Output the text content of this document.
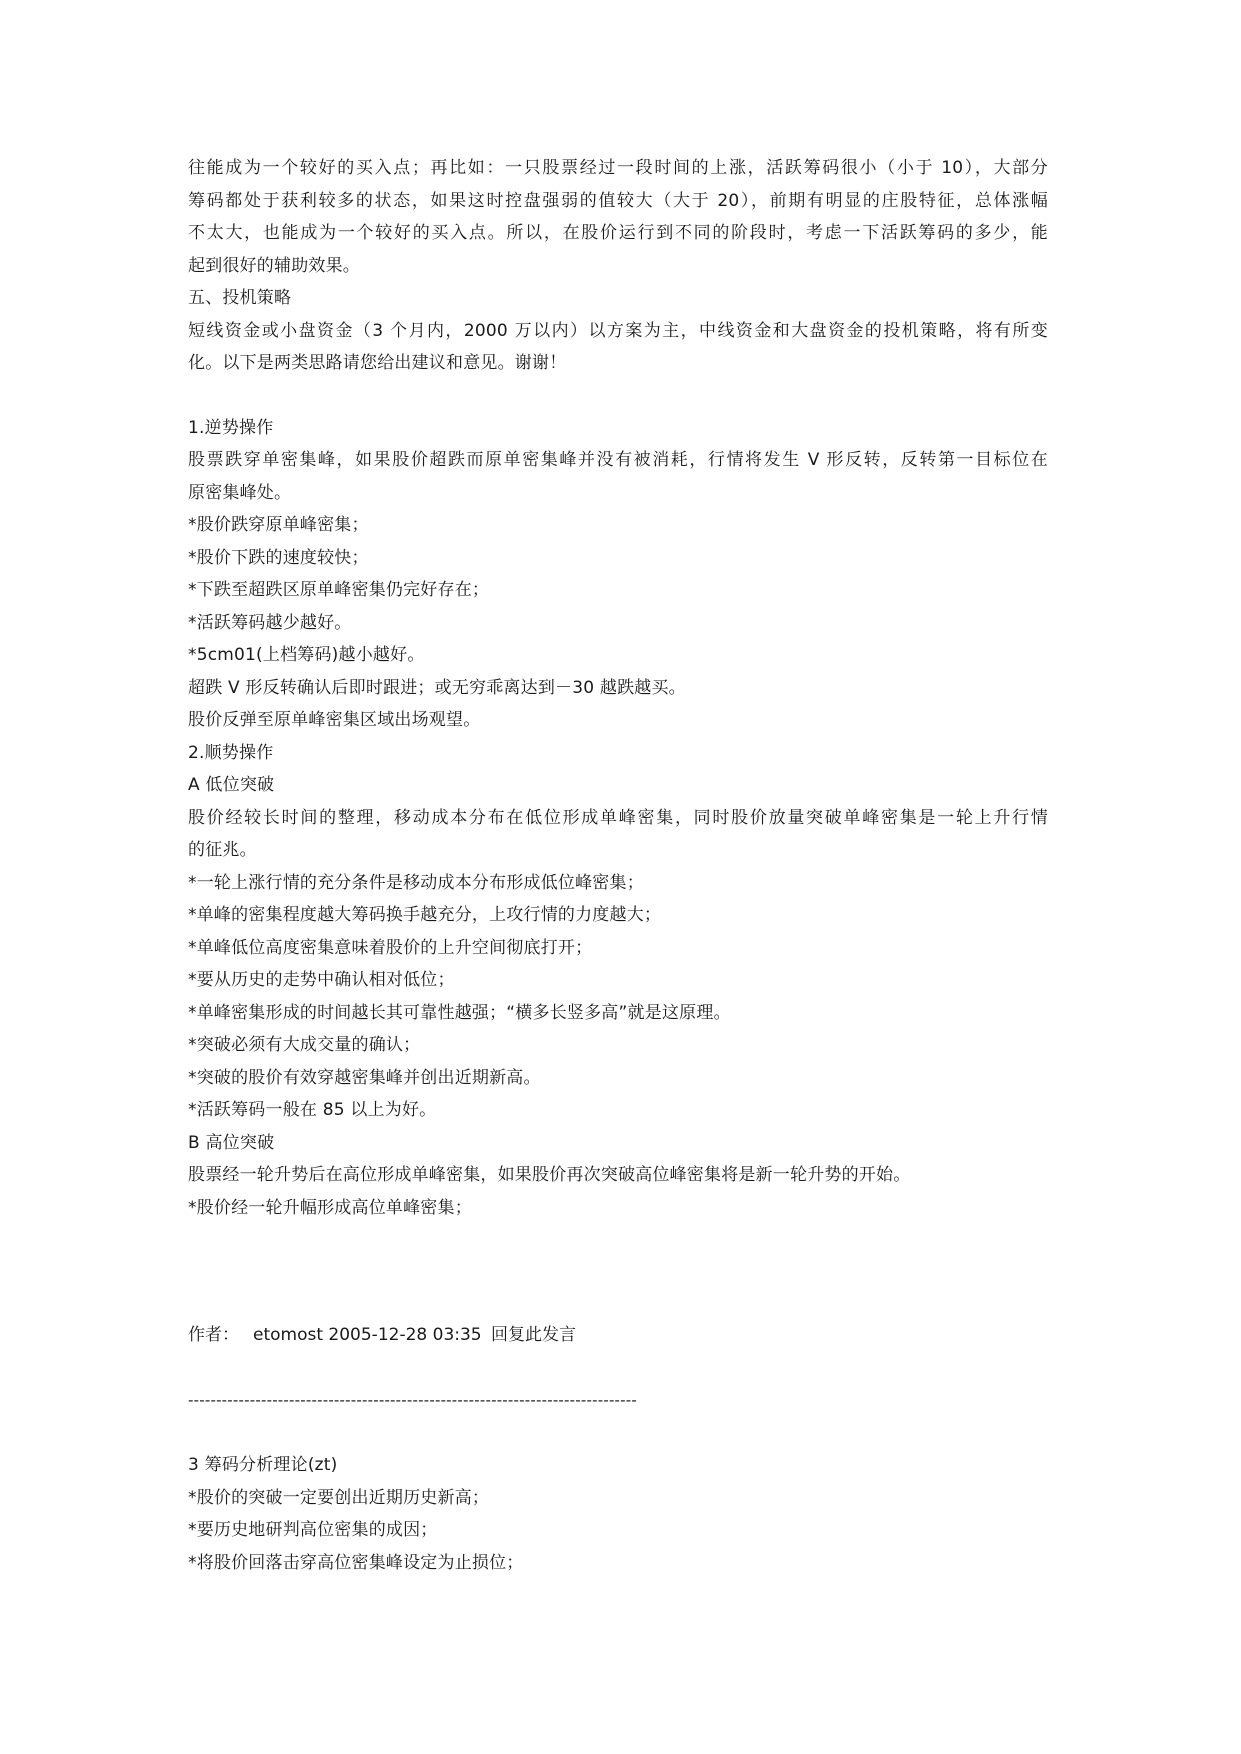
往能成为一个较好的买入点；再比如：一只股票经过一段时间的上涨，活跃筹码很小（小于 10），大部分
筹码都处于获利较多的状态，如果这时控盘强弱的值较大（大于 20），前期有明显的庄股特征，总体涨幅
不太大，也能成为一个较好的买入点。所以，在股价运行到不同的阶段时，考虑一下活跃筹码的多少，能
起到很好的辅助效果。
五、投机策略
短线资金或小盘资金（3 个月内，2000 万以内）以方案为主，中线资金和大盘资金的投机策略，将有所变
化。以下是两类思路请您给出建议和意见。谢谢！
1.逆势操作
股票跌穿单密集峰，如果股价超跌而原单密集峰并没有被消耗，行情将发生 V 形反转，反转第一目标位在
原密集峰处。
*股价跌穿原单峰密集；
*股价下跌的速度较快；
*下跌至超跌区原单峰密集仍完好存在；
*活跃筹码越少越好。
*5cm01(上档筹码)越小越好。
超跌 V 形反转确认后即时跟进；或无穷乖离达到－30 越跌越买。
股价反弹至原单峰密集区域出场观望。
2.顺势操作
A 低位突破
股价经较长时间的整理，移动成本分布在低位形成单峰密集，同时股价放量突破单峰密集是一轮上升行情
的征兆。
*一轮上涨行情的充分条件是移动成本分布形成低位峰密集；
*单峰的密集程度越大筹码换手越充分，上攻行情的力度越大；
*单峰低位高度密集意味着股价的上升空间彻底打开；
*要从历史的走势中确认相对低位；
*单峰密集形成的时间越长其可靠性越强；“横多长竖多高”就是这原理。
*突破必须有大成交量的确认；
*突破的股价有效穿越密集峰并创出近期新高。
*活跃筹码一般在 85 以上为好。
B 高位突破
股票经一轮升势后在高位形成单峰密集，如果股价再次突破高位峰密集将是新一轮升势的开始。
*股价经一轮升幅形成高位单峰密集；
作者： etomost 2005-12-28 03:35 回复此发言
--------------------------------------------------------------------------------
3 筹码分析理论(zt)
*股价的突破一定要创出近期历史新高；
*要历史地研判高位密集的成因；
*将股价回落击穿高位密集峰设定为止损位；
